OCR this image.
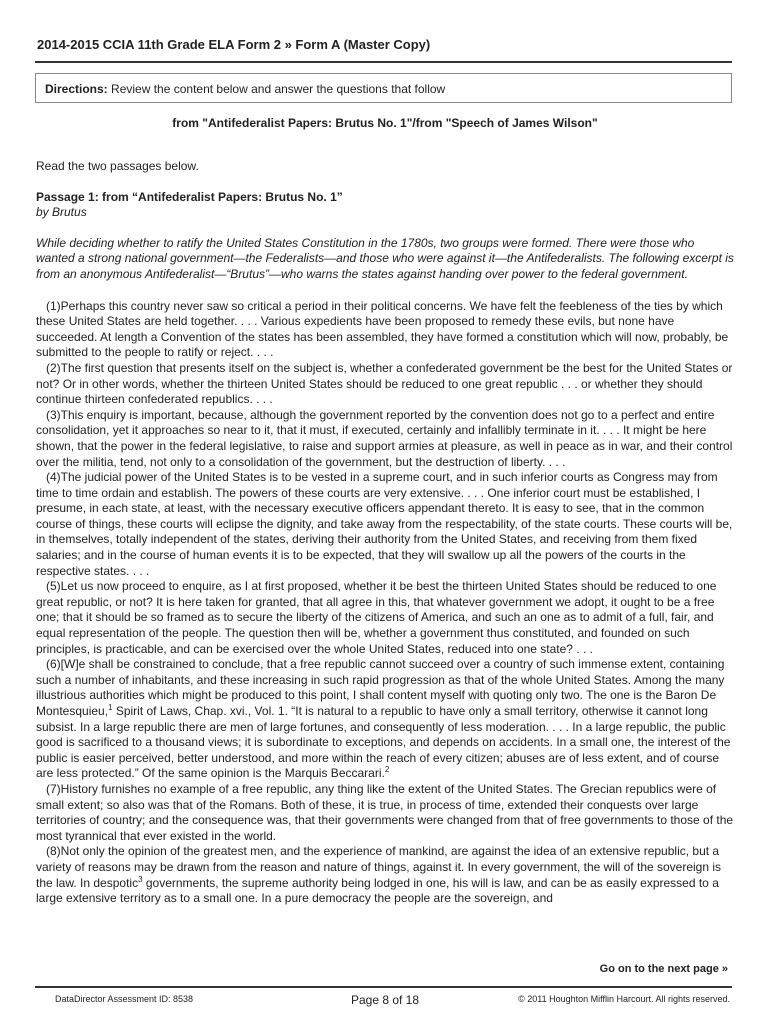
2014-2015 CCIA 11th Grade ELA Form 2 » Form A (Master Copy)
Directions: Review the content below and answer the questions that follow
from "Antifederalist Papers: Brutus No. 1"/from "Speech of James Wilson"

Read the two passages below.

Passage 1: from “Antifederalist Papers: Brutus No. 1”

by Brutus

While deciding whether to ratify the United States Constitution in the 1780s, two groups were formed. There were those who wanted a strong national government—the Federalists—and those who were against it—the Antifederalists. The following excerpt is from an anonymous Antifederalist—“Brutus”—who warns the states against handing over power to the federal government.

(1)Perhaps this country never saw so critical a period in their political concerns. We have felt the feebleness of the ties by which these United States are held together. . . . Various expedients have been proposed to remedy these evils, but none have succeeded. At length a Convention of the states has been assembled, they have formed a constitution which will now, probably, be submitted to the people to ratify or reject. . . .

(2)The first question that presents itself on the subject is, whether a confederated government be the best for the United States or not? Or in other words, whether the thirteen United States should be reduced to one great republic . . . or whether they should continue thirteen confederated republics. . . .

(3)This enquiry is important, because, although the government reported by the convention does not go to a perfect and entire consolidation, yet it approaches so near to it, that it must, if executed, certainly and infallibly terminate in it. . . . It might be here shown, that the power in the federal legislative, to raise and support armies at pleasure, as well in peace as in war, and their control over the militia, tend, not only to a consolidation of the government, but the destruction of liberty. . . .

(4)The judicial power of the United States is to be vested in a supreme court, and in such inferior courts as Congress may from time to time ordain and establish. The powers of these courts are very extensive. . . . One inferior court must be established, I presume, in each state, at least, with the necessary executive officers appendant thereto. It is easy to see, that in the common course of things, these courts will eclipse the dignity, and take away from the respectability, of the state courts. These courts will be, in themselves, totally independent of the states, deriving their authority from the United States, and receiving from them fixed salaries; and in the course of human events it is to be expected, that they will swallow up all the powers of the courts in the respective states. . . .

(5)Let us now proceed to enquire, as I at first proposed, whether it be best the thirteen United States should be reduced to one great republic, or not? It is here taken for granted, that all agree in this, that whatever government we adopt, it ought to be a free one; that it should be so framed as to secure the liberty of the citizens of America, and such an one as to admit of a full, fair, and equal representation of the people. The question then will be, whether a government thus constituted, and founded on such principles, is practicable, and can be exercised over the whole United States, reduced into one state? . . .

(6)[W]e shall be constrained to conclude, that a free republic cannot succeed over a country of such immense extent, containing such a number of inhabitants, and these increasing in such rapid progression as that of the whole United States. Among the many illustrious authorities which might be produced to this point, I shall content myself with quoting only two. The one is the Baron De Montesquieu,$^1$ Spirit of Laws, Chap. xvi., Vol. 1. “It is natural to a republic to have only a small territory, otherwise it cannot long subsist. In a large republic there are men of large fortunes, and consequently of less moderation. . . . In a large republic, the public good is sacrificed to a thousand views; it is subordinate to exceptions, and depends on accidents. In a small one, the interest of the public is easier perceived, better understood, and more within the reach of every citizen; abuses are of less extent, and of course are less protected.” Of the same opinion is the Marquis Beccarari.$^2$

(7)History furnishes no example of a free republic, any thing like the extent of the United States. The Grecian republics were of small extent; so also was that of the Romans. Both of these, it is true, in process of time, extended their conquests over large territories of country; and the consequence was, that their governments were changed from that of free governments to those of the most tyrannical that ever existed in the world.

(8)Not only the opinion of the greatest men, and the experience of mankind, are against the idea of an extensive republic, but a variety of reasons may be drawn from the reason and nature of things, against it. In every government, the will of the sovereign is the law. In despotic$^3$ governments, the supreme authority being lodged in one, his will is law, and can be as easily expressed to a large extensive territory as to a small one. In a pure democracy the people are the sovereign, and

Go on to the next page »
DataDirector Assessment ID: 8538	Page 8 of 18	© 2011 Houghton Mifflin Harcourt. All rights reserved.
